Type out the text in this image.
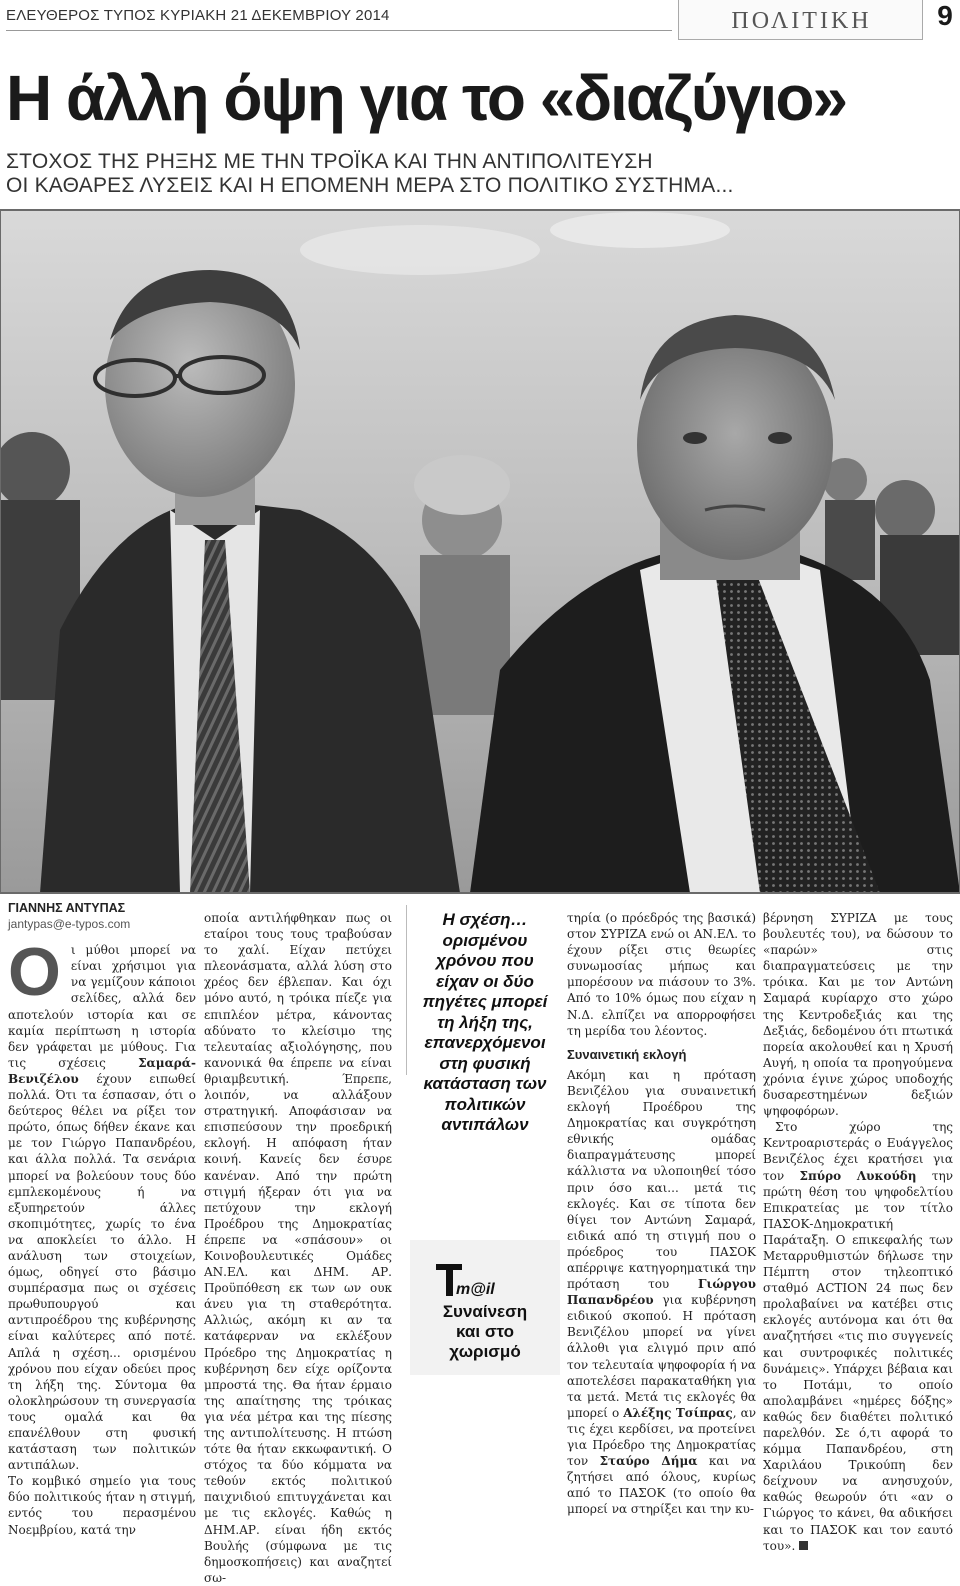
ΕΛΕΥΘΕΡΟΣ ΤΥΠΟΣ ΚΥΡΙΑΚΗ 21 ΔΕΚΕΜΒΡΙΟΥ 2014	ΠΟΛΙΤΙΚΗ	9
Η άλλη όψη για το «διαζύγιο»
ΣΤΟΧΟΣ ΤΗΣ ΡΗΞΗΣ ΜΕ ΤΗΝ ΤΡΟΪΚΑ ΚΑΙ ΤΗΝ ΑΝΤΙΠΟΛΙΤΕΥΣΗ
ΟΙ ΚΑΘΑΡΕΣ ΛΥΣΕΙΣ ΚΑΙ Η ΕΠΟΜΕΝΗ ΜΕΡΑ ΣΤΟ ΠΟΛΙΤΙΚΟ ΣΥΣΤΗΜΑ...
ΓΙΑΝΝΗΣ ΑΝΤΥΠΑΣ
jantypas@e-typos.com
Ο ι μύθοι μπορεί να είναι χρήσιμοι για να γεμίζουν κάποιοι σελίδες, αλλά δεν αποτελούν ιστορία και σε καμία περίπτωση η ιστορία δεν γράφεται με μύθους. Για τις σχέσεις Σαμαρά-Βενιζέλου έχουν ειπωθεί πολλά. Ότι τα έσπασαν, ότι ο δεύτερος θέλει να ρίξει τον πρώτο, όπως δήθεν έκανε και με τον Γιώργο Παπανδρέου, και άλλα πολλά. Τα σενάρια μπορεί να βολεύουν τους δύο εμπλεκομένους ή να εξυπηρετούν άλλες σκοπιμότητες, χωρίς το ένα να αποκλείει το άλλο. Η ανάλυση των στοιχείων, όμως, οδηγεί στο βάσιμο συμπέρασμα πως οι σχέσεις πρωθυπουργού και αντιπροέδρου της κυβέρνησης είναι καλύτερες από ποτέ. Απλά η σχέση... ορισμένου χρόνου που είχαν οδεύει προς τη λήξη της. Σύντομα θα ολοκληρώσουν τη συνεργασία τους ομαλά και θα επανέλθουν στη φυσική κατάσταση των πολιτικών αντιπάλων.

Το κομβικό σημείο για τους δύο πολιτικούς ήταν η στιγμή, εντός του περασμένου Νοεμβρίου, κατά την

οποία αντιλήφθηκαν πως οι εταίροι τους τους τραβούσαν το χαλί. Είχαν πετύχει πλεονάσματα, αλλά λύση στο χρέος δεν έβλεπαν. Και όχι μόνο αυτό, η τρόικα πίεζε για επιπλέον μέτρα, κάνοντας αδύνατο το κλείσιμο της τελευταίας αξιολόγησης, που κανονικά θα έπρεπε να είναι θριαμβευτική. Έπρεπε, λοιπόν, να αλλάξουν στρατηγική. Αποφάσισαν να επισπεύσουν την προεδρική εκλογή. Η απόφαση ήταν κοινή. Κανείς δεν έσυρε κανέναν. Από την πρώτη στιγμή ήξεραν ότι για να πετύχουν την εκλογή Προέδρου της Δημοκρατίας έπρεπε να «σπάσουν» οι Κοινοβουλευτικές Ομάδες ΑΝ.ΕΛ. και ΔΗΜ. ΑΡ. Προϋπόθεση εκ των ων ουκ άνευ για τη σταθερότητα. Αλλιώς, ακόμη κι αν τα κατάφερναν να εκλέξουν Πρόεδρο της Δημοκρατίας η κυβέρνηση δεν είχε ορίζοντα μπροστά της. Θα ήταν έρμαιο της απαίτησης της τρόικας για νέα μέτρα και της πίεσης της αντιπολίτευσης. Η πτώση τότε θα ήταν εκκωφαντική. Ο στόχος τα δύο κόμματα να τεθούν εκτός πολιτικού παιχνιδιού επιτυγχάνεται και με τις εκλογές. Καθώς η ΔΗΜ.ΑΡ. είναι ήδη εκτός Βουλής (σύμφωνα με τις δημοσκοπήσεις) και αναζητεί σω-

Η σχέση… ορισμένου χρόνου που είχαν οι δύο πηγέτες μπορεί τη λήξη της, επανερχόμενοι στη φυσική κατάσταση των πολιτικών αντιπάλων
m@il
Συναίνεση
και στο
χωρισμό

τηρία (ο πρόεδρός της βασικά) στον ΣΥΡΙΖΑ ενώ οι ΑΝ.ΕΛ. το έχουν ρίξει στις θεωρίες συνωμοσίας μήπως και μπορέσουν να πιάσουν το 3%. Από το 10% όμως που είχαν η Ν.Δ. ελπίζει να απορροφήσει τη μερίδα του λέοντος.

Συναινετική εκλογή

Ακόμη και η πρόταση Βενιζέλου για συναινετική εκλογή Προέδρου της Δημοκρατίας και συγκρότηση εθνικής ομάδας διαπραγμάτευσης μπορεί κάλλιστα να υλοποιηθεί τόσο πριν όσο και... μετά τις εκλογές. Και σε τίποτα δεν θίγει τον Αντώνη Σαμαρά, ειδικά από τη στιγμή που ο πρόεδρος του ΠΑΣΟΚ απέρριψε κατηγορηματικά την πρόταση του Γιώργου Παπανδρέου για κυβέρνηση ειδικού σκοπού. Η πρόταση Βενιζέλου μπορεί να γίνει άλλοθι για ελιγμό πριν από τον τελευταία ψηφοφορία ή να αποτελέσει παρακαταθήκη για τα μετά. Μετά τις εκλογές θα μπορεί ο Αλέξης Τσίπρας, αν τις έχει κερδίσει, να προτείνει για Πρόεδρο της Δημοκρατίας τον Σταύρο Δήμα και να ζητήσει από όλους, κυρίως από το ΠΑΣΟΚ (το οποίο θα μπορεί να στηρίξει και την κυ-

βέρνηση ΣΥΡΙΖΑ με τους βουλευτές του), να δώσουν το «παρών» στις διαπραγματεύσεις με την τρόικα. Και με τον Αντώνη Σαμαρά κυρίαρχο στο χώρο της Κεντροδεξιάς και της Δεξιάς, δεδομένου ότι πτωτικά πορεία ακολουθεί και η Χρυσή Αυγή, η οποία τα προηγούμενα χρόνια έγινε χώρος υποδοχής δυσαρεστημένων δεξιών ψηφοφόρων.

Στο χώρο της Κεντροαριστεράς ο Ευάγγελος Βενιζέλος έχει κρατήσει για τον Σπύρο Λυκούδη την πρώτη θέση του ψηφοδελτίου Επικρατείας με τον τίτλο ΠΑΣΟΚ-Δημοκρατική Παράταξη. Ο επικεφαλής των Μεταρρυθμιστών δήλωσε την Πέμπτη στον τηλεοπτικό σταθμό ACTION 24 πως δεν προλαβαίνει να κατέβει στις εκλογές αυτόνομα και ότι θα αναζητήσει «τις πιο συγγενείς και συντροφικές πολιτικές δυνάμεις». Υπάρχει βέβαια και το Ποτάμι, το οποίο απολαμβάνει «ημέρες δόξης» καθώς δεν διαθέτει πολιτικό παρελθόν. Σε ό,τι αφορά το κόμμα Παπανδρέου, στη Χαριλάου Τρικούπη δεν δείχνουν να ανησυχούν, καθώς θεωρούν ότι «αν ο Γιώργος το κάνει, θα αδικήσει και το ΠΑΣΟΚ και τον εαυτό του».
